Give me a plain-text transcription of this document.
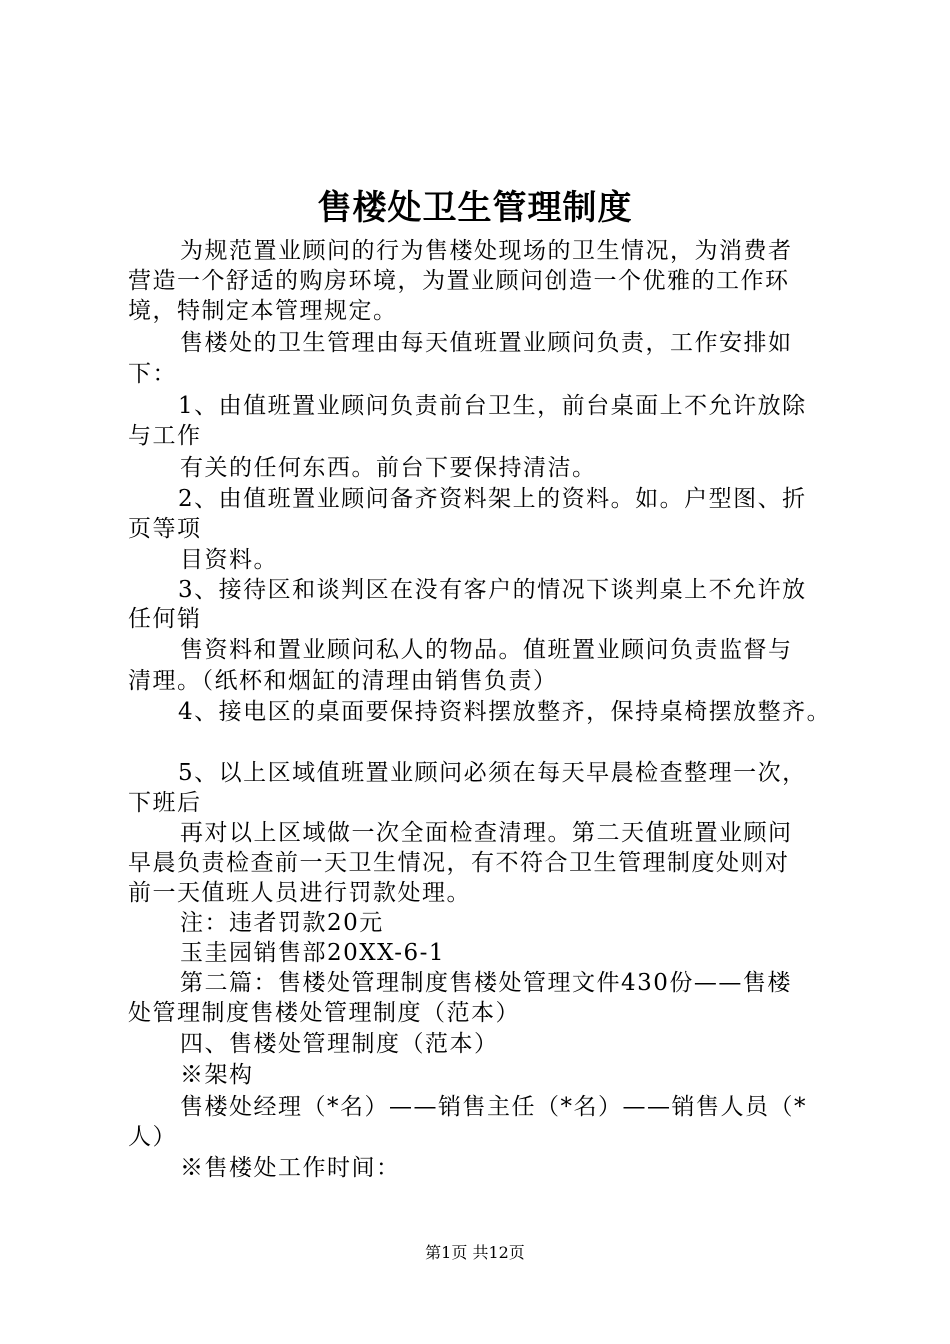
售楼处卫生管理制度
为规范置业顾问的行为售楼处现场的卫生情况，为消费者
营造一个舒适的购房环境，为置业顾问创造一个优雅的工作环
境，特制定本管理规定。
售楼处的卫生管理由每天值班置业顾问负责，工作安排如
下：
1、由值班置业顾问负责前台卫生，前台桌面上不允许放除
与工作
有关的任何东西。前台下要保持清洁。
2、由值班置业顾问备齐资料架上的资料。如。户型图、折
页等项
目资料。
3、接待区和谈判区在没有客户的情况下谈判桌上不允许放
任何销
售资料和置业顾问私人的物品。值班置业顾问负责监督与
清理。（纸杯和烟缸的清理由销售负责）
4、接电区的桌面要保持资料摆放整齐，保持桌椅摆放整齐。
5、以上区域值班置业顾问必须在每天早晨检查整理一次，
下班后
再对以上区域做一次全面检查清理。第二天值班置业顾问
早晨负责检查前一天卫生情况，有不符合卫生管理制度处则对
前一天值班人员进行罚款处理。
注：违者罚款20元
玉圭园销售部20XX-6-1
第二篇：售楼处管理制度售楼处管理文件430份——售楼
处管理制度售楼处管理制度（范本）
四、售楼处管理制度（范本）
※架构
售楼处经理（*名）——销售主任（*名）——销售人员（*
人）
※售楼处工作时间：
第1页 共12页
